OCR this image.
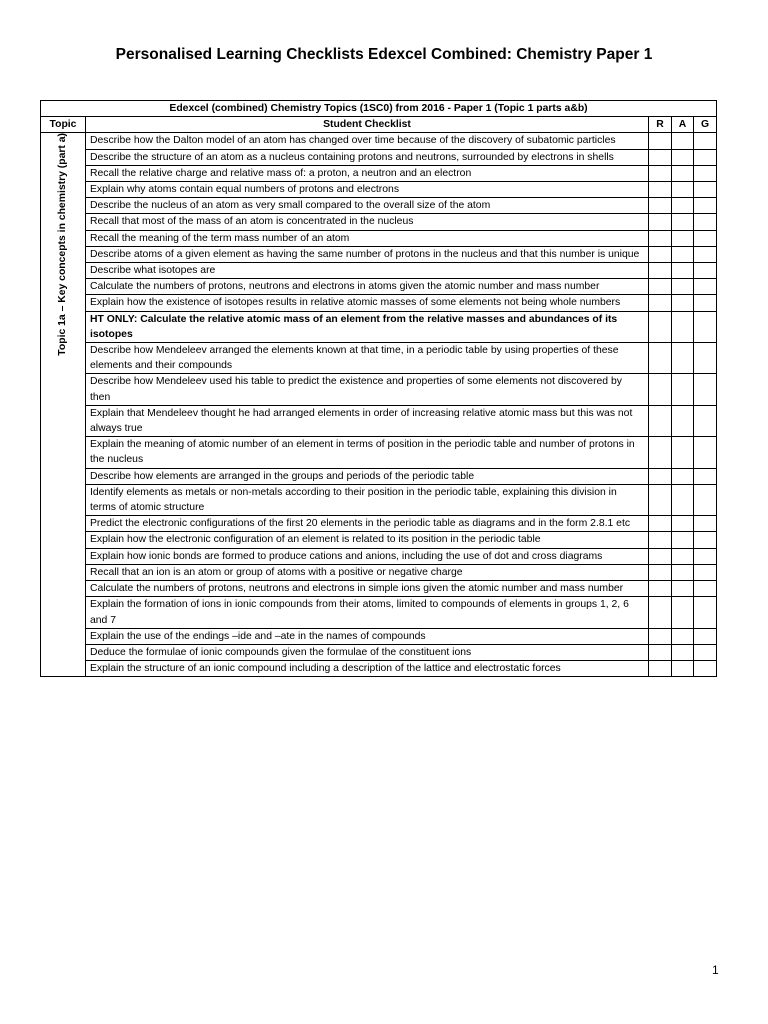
Personalised Learning Checklists Edexcel Combined: Chemistry Paper 1
Edexcel (combined) Chemistry Topics (1SC0) from 2016 - Paper 1 (Topic 1 parts a&b)				
Topic	Student Checklist	R	A	G

Topic 1a – Key concepts in chemistry (part a)	Describe how the Dalton model of an atom has changed over time because of the discovery of subatomic particles			
	Describe the structure of an atom as a nucleus containing protons and neutrons, surrounded by electrons in shells			
	Recall the relative charge and relative mass of: a proton, a neutron and an electron			
	Explain why atoms contain equal numbers of protons and electrons			
	Describe the nucleus of an atom as very small compared to the overall size of the atom			
	Recall that most of the mass of an atom is concentrated in the nucleus			
	Recall the meaning of the term mass number of an atom			
	Describe atoms of a given element as having the same number of protons in the nucleus and that this number is unique			
	Describe what isotopes are			
	Calculate the numbers of protons, neutrons and electrons in atoms given the atomic number and mass number			
	Explain how the existence of isotopes results in relative atomic masses of some elements not being whole numbers			
	HT ONLY: Calculate the relative atomic mass of an element from the relative masses and abundances of its isotopes			
	Describe how Mendeleev arranged the elements known at that time, in a periodic table by using properties of these elements and their compounds			
	Describe how Mendeleev used his table to predict the existence and properties of some elements not discovered by then			
	Explain that Mendeleev thought he had arranged elements in order of increasing relative atomic mass but this was not always true			
	Explain the meaning of atomic number of an element in terms of position in the periodic table and number of protons in the nucleus			
	Describe how elements are arranged in the groups and periods of the periodic table			
	Identify elements as metals or non-metals according to their position in the periodic table, explaining this division in terms of atomic structure			
	Predict the electronic configurations of the first 20 elements in the periodic table as diagrams and in the form 2.8.1 etc			
	Explain how the electronic configuration of an element is related to its position in the periodic table			
	Explain how ionic bonds are formed to produce cations and anions, including the use of dot and cross diagrams			
	Recall that an ion is an atom or group of atoms with a positive or negative charge			
	Calculate the numbers of protons, neutrons and electrons in simple ions given the atomic number and mass number			
	Explain the formation of ions in ionic compounds from their atoms, limited to compounds of elements in groups 1, 2, 6 and 7			
	Explain the use of the endings –ide and –ate in the names of compounds			
	Deduce the formulae of ionic compounds given the formulae of the constituent ions			
	Explain the structure of an ionic compound including a description of the lattice and electrostatic forces			
1
